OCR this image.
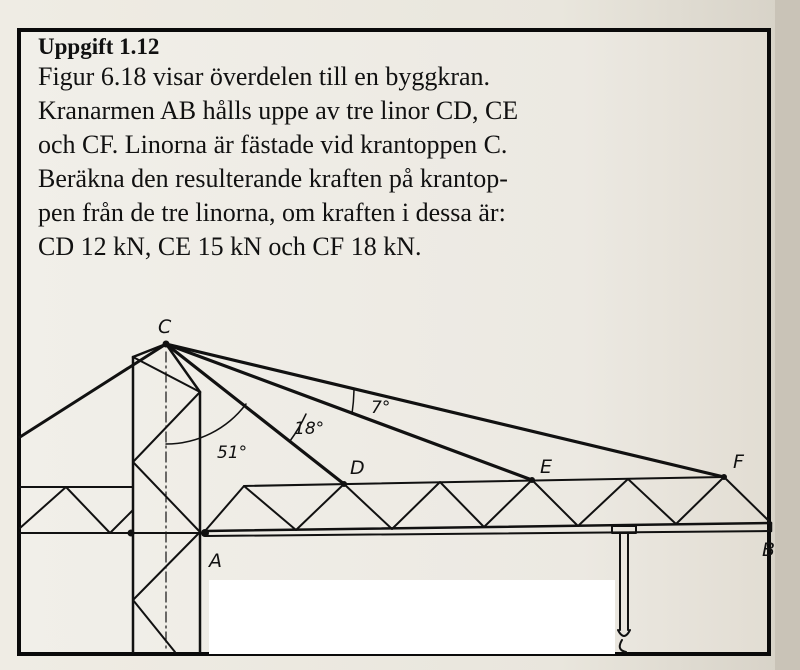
Uppgift 1.12
Figur 6.18 visar överdelen till en byggkran.
Kranarmen AB hålls uppe av tre linor CD, CE
och CF. Linorna är fästade vid krantoppen C.
Beräkna den resulterande kraften på krantop-
pen från de tre linorna, om kraften i dessa är:
CD 12 kN, CE 15 kN och CF 18 kN.
C
D	E	F
A	B
51°
18°
7°
